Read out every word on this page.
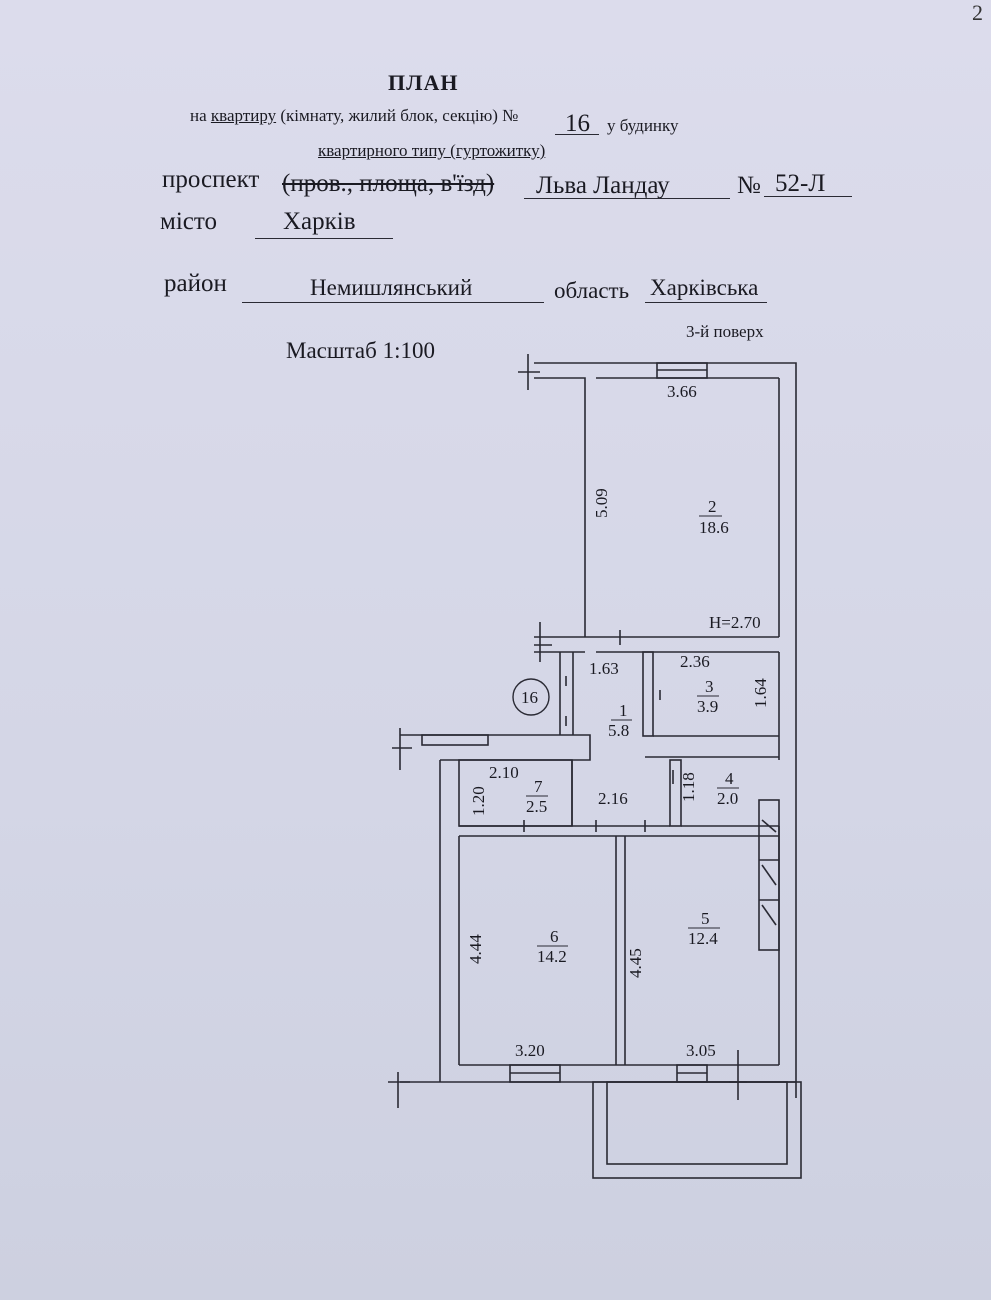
2
ПЛАН
на квартиру (кімнату, жилий блок, секцію) № 16 у будинку
квартирного типу (гуртожитку)
проспект (пров., площа, в'їзд) Льва Ландау	№ 52-Л
місто	Харків
район	Немишлянський	область Харківська
Масштаб 1:100
3-й поверх
16
H=2.70
2
18.6
3.66
5.09
1
5.8
1.63
3
3.9
2.36
1.64
4
2.0
1.18
7
2.5
2.10
1.20	2.16
6
14.2
4.44
3.20
5
12.4
4.45
3.05
